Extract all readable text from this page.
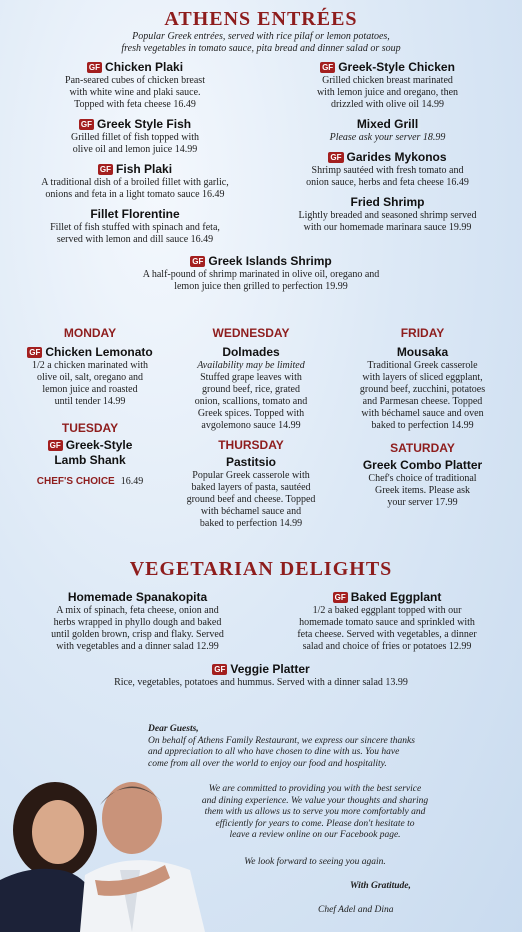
ATHENS ENTRÉES
Popular Greek entrées, served with rice pilaf or lemon potatoes,
fresh vegetables in tomato sauce, pita bread and dinner salad or soup
GF Chicken Plaki
Pan-seared cubes of chicken breast
with white wine and plaki sauce.
Topped with feta cheese 16.49
GF Greek Style Fish
Grilled fillet of fish topped with
olive oil and lemon juice 14.99
GF Fish Plaki
A traditional dish of a broiled fillet with garlic,
onions and feta in a light tomato sauce 16.49
Fillet Florentine
Fillet of fish stuffed with spinach and feta,
served with lemon and dill sauce 16.49
GF Greek-Style Chicken
Grilled chicken breast marinated
with lemon juice and oregano, then
drizzled with olive oil 14.99
Mixed Grill
Please ask your server 18.99
GF Garides Mykonos
Shrimp sautéed with fresh tomato and
onion sauce, herbs and feta cheese 16.49
Fried Shrimp
Lightly breaded and seasoned shrimp served
with our homemade marinara sauce 19.99
GF Greek Islands Shrimp
A half-pound of shrimp marinated in olive oil, oregano and
lemon juice then grilled to perfection 19.99
MONDAY
GF Chicken Lemonato
1/2 a chicken marinated with
olive oil, salt, oregano and
lemon juice and roasted
until tender 14.99
TUESDAY
GF Greek-Style
Lamb Shank
CHEF'S CHOICE 16.49
WEDNESDAY
Dolmades
Availability may be limited
Stuffed grape leaves with
ground beef, rice, grated
onion, scallions, tomato and
Greek spices. Topped with
avgolemono sauce 14.99
THURSDAY
Pastitsio
Popular Greek casserole with
baked layers of pasta, sautéed
ground beef and cheese. Topped
with béchamel sauce and
baked to perfection 14.99
FRIDAY
Mousaka
Traditional Greek casserole
with layers of sliced eggplant,
ground beef, zucchini, potatoes
and Parmesan cheese. Topped
with béchamel sauce and oven
baked to perfection 14.99
SATURDAY
Greek Combo Platter
Chef's choice of traditional
Greek items. Please ask
your server 17.99
VEGETARIAN DELIGHTS
Homemade Spanakopita
A mix of spinach, feta cheese, onion and
herbs wrapped in phyllo dough and baked
until golden brown, crisp and flaky. Served
with vegetables and a dinner salad 12.99
GF Baked Eggplant
1/2 a baked eggplant topped with our
homemade tomato sauce and sprinkled with
feta cheese. Served with vegetables, a dinner
salad and choice of fries or potatoes 12.99
GF Veggie Platter
Rice, vegetables, potatoes and hummus. Served with a dinner salad 13.99
Dear Guests,
On behalf of Athens Family Restaurant, we express our sincere thanks
and appreciation to all who have chosen to dine with us. You have
come from all over the world to enjoy our food and hospitality.
We are committed to providing you with the best service
and dining experience. We value your thoughts and sharing
them with us allows us to serve you more comfortably and
efficiently for years to come. Please don't hesitate to
leave a review online on our Facebook page.
We look forward to seeing you again.
With Gratitude,
Chef Adel and Dina
